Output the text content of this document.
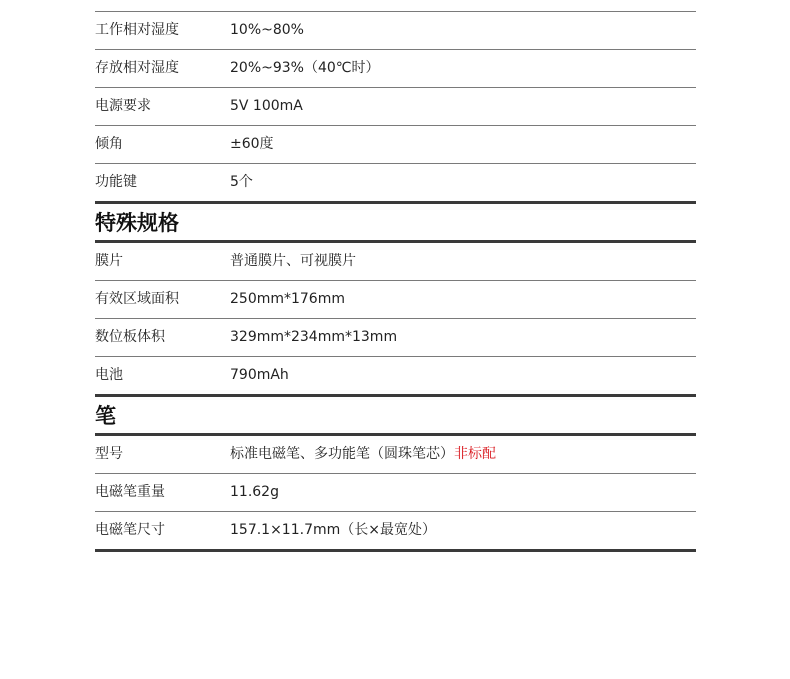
工作相对湿度	10%~80%
存放相对湿度	20%~93%（40℃时）
电源要求	5V 100mA
倾角	±60度
功能键	5个
特殊规格
膜片	普通膜片、可视膜片
有效区域面积	250mm*176mm
数位板体积	329mm*234mm*13mm
电池	790mAh
笔
型号	标准电磁笔、多功能笔（圆珠笔芯）非标配
电磁笔重量	11.62g
电磁笔尺寸	157.1×11.7mm（长×最宽处）
